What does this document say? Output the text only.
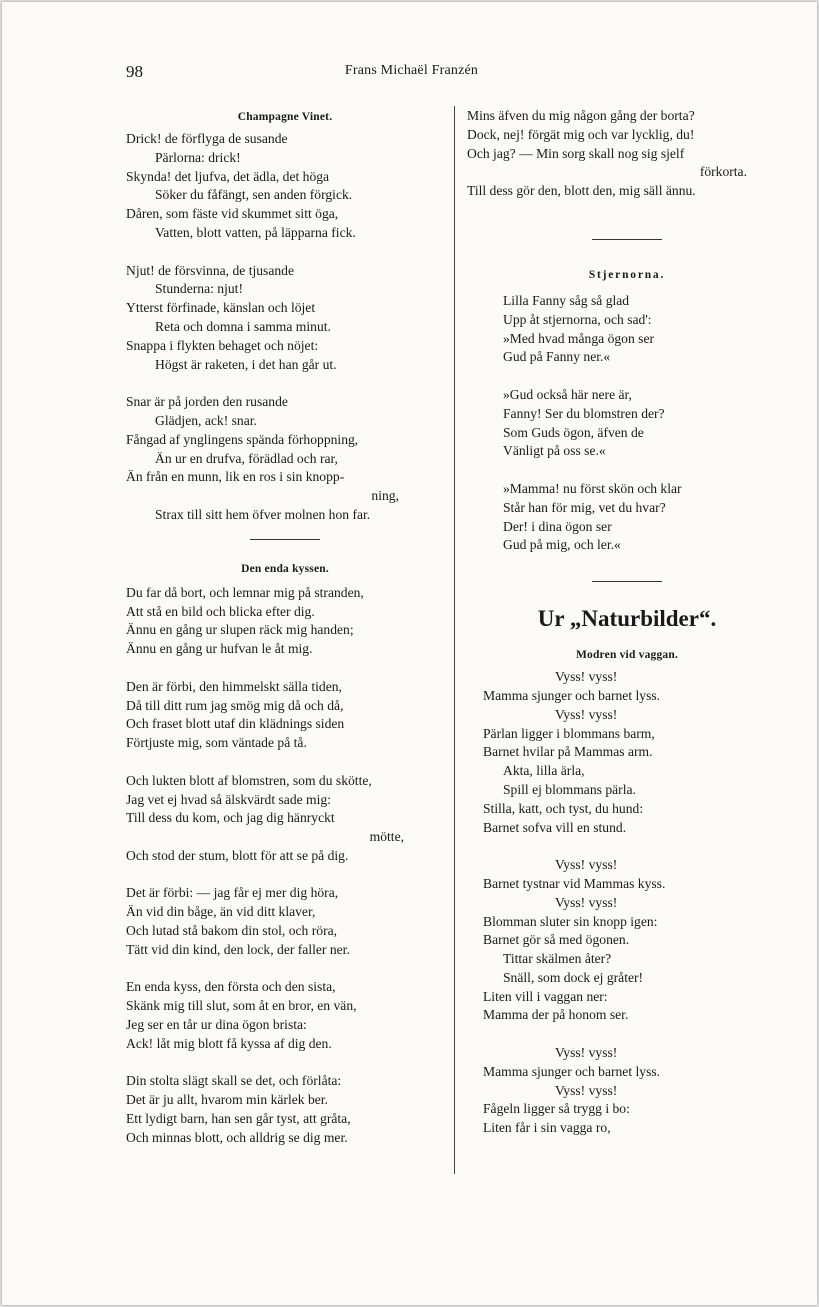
98	Frans Michaël Franzén
Champagne Vinet.
Drick! de förflyga de susande
Pärlorna: drick!
Skynda! det ljufva, det ädla, det höga
Söker du fåfängt, sen anden förgick.
Dåren, som fäste vid skummet sitt öga,
Vatten, blott vatten, på läpparna fick.
Njut! de försvinna, de tjusande
Stunderna: njut!
Ytterst förfinade, känslan och löjet
Reta och domna i samma minut.
Snappa i flykten behaget och nöjet:
Högst är raketen, i det han går ut.
Snar är på jorden den rusande
Glädjen, ack! snar.
Fångad af ynglingens spända förhoppning,
Än ur en drufva, förädlad och rar,
Än från en munn, lik en ros i sin knopp-
ning,
Strax till sitt hem öfver molnen hon far.
Den enda kyssen.
Du far då bort, och lemnar mig på stranden,
Att stå en bild och blicka efter dig.
Ännu en gång ur slupen räck mig handen;
Ännu en gång ur hufvan le åt mig.
Den är förbi, den himmelskt sälla tiden,
Då till ditt rum jag smög mig då och då,
Och fraset blott utaf din klädnings siden
Förtjuste mig, som väntade på tå.
Och lukten blott af blomstren, som du skötte,
Jag vet ej hvad så älskvärdt sade mig:
Till dess du kom, och jag dig hänryckt
mötte,
Och stod der stum, blott för att se på dig.
Det är förbi: — jag får ej mer dig höra,
Än vid din båge, än vid ditt klaver,
Och lutad stå bakom din stol, och röra,
Tätt vid din kind, den lock, der faller ner.
En enda kyss, den första och den sista,
Skänk mig till slut, som åt en bror, en vän,
Jeg ser en tår ur dina ögon brista:
Ack! låt mig blott få kyssa af dig den.
Din stolta slägt skall se det, och förlåta:
Det är ju allt, hvarom min kärlek ber.
Ett lydigt barn, han sen går tyst, att gråta,
Och minnas blott, och alldrig se dig mer.
Mins äfven du mig någon gång der borta?
Dock, nej! förgät mig och var lycklig, du!
Och jag? — Min sorg skall nog sig sjelf
förkorta.
Till dess gör den, blott den, mig säll ännu.
Stjernorna.
Lilla Fanny såg så glad
Upp åt stjernorna, och sad':
»Med hvad många ögon ser
Gud på Fanny ner.«
»Gud också här nere är,
Fanny! Ser du blomstren der?
Som Guds ögon, äfven de
Vänligt på oss se.«
»Mamma! nu först skön och klar
Står han för mig, vet du hvar?
Der! i dina ögon ser
Gud på mig, och ler.«
Ur „Naturbilder“.
Modren vid vaggan.
Vyss! vyss!
Mamma sjunger och barnet lyss.
Vyss! vyss!
Pärlan ligger i blommans barm,
Barnet hvilar på Mammas arm.
Akta, lilla ärla,
Spill ej blommans pärla.
Stilla, katt, och tyst, du hund:
Barnet sofva vill en stund.
Vyss! vyss!
Barnet tystnar vid Mammas kyss.
Vyss! vyss!
Blomman sluter sin knopp igen:
Barnet gör så med ögonen.
Tittar skälmen åter?
Snäll, som dock ej gråter!
Liten vill i vaggan ner:
Mamma der på honom ser.
Vyss! vyss!
Mamma sjunger och barnet lyss.
Vyss! vyss!
Fågeln ligger så trygg i bo:
Liten får i sin vagga ro,
